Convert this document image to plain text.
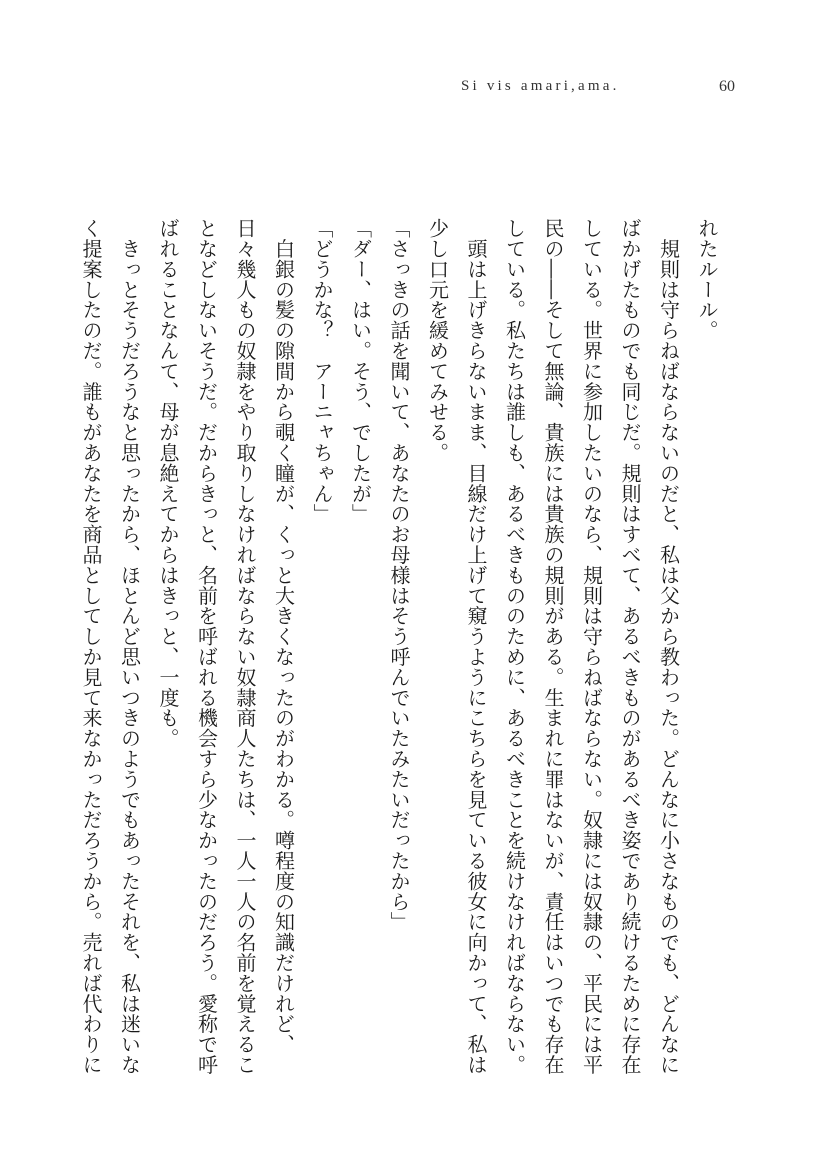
Si vis amari,ama.	60
れたルール。
　規則は守らねばならないのだと、私は父から教わった。どんなに小さなものでも、どんなに
ばかげたものでも同じだ。規則はすべて、あるべきものがあるべき姿であり続けるために存在
している。世界に参加したいのなら、規則は守らねばならない。奴隷には奴隷の、平民には平
民の――そして無論、貴族には貴族の規則がある。生まれに罪はないが、責任はいつでも存在
している。私たちは誰しも、あるべきもののために、あるべきことを続けなければならない。
　頭は上げきらないまま、目線だけ上げて窺うようにこちらを見ている彼女に向かって、私は
少し口元を緩めてみせる。
「さっきの話を聞いて、あなたのお母様はそう呼んでいたみたいだったから」
「ダー、はい。そう、でしたが」
「どうかな？　アーニャちゃん」
　白銀の髪の隙間から覗く瞳が、くっと大きくなったのがわかる。噂程度の知識だけれど、
日々幾人もの奴隷をやり取りしなければならない奴隷商人たちは、一人一人の名前を覚えるこ
となどしないそうだ。だからきっと、名前を呼ばれる機会すら少なかったのだろう。愛称で呼
ばれることなんて、母が息絶えてからはきっと、一度も。
　きっとそうだろうなと思ったから、ほとんど思いつきのようでもあったそれを、私は迷いな
く提案したのだ。誰もがあなたを商品としてしか見て来なかっただろうから。売れば代わりに
